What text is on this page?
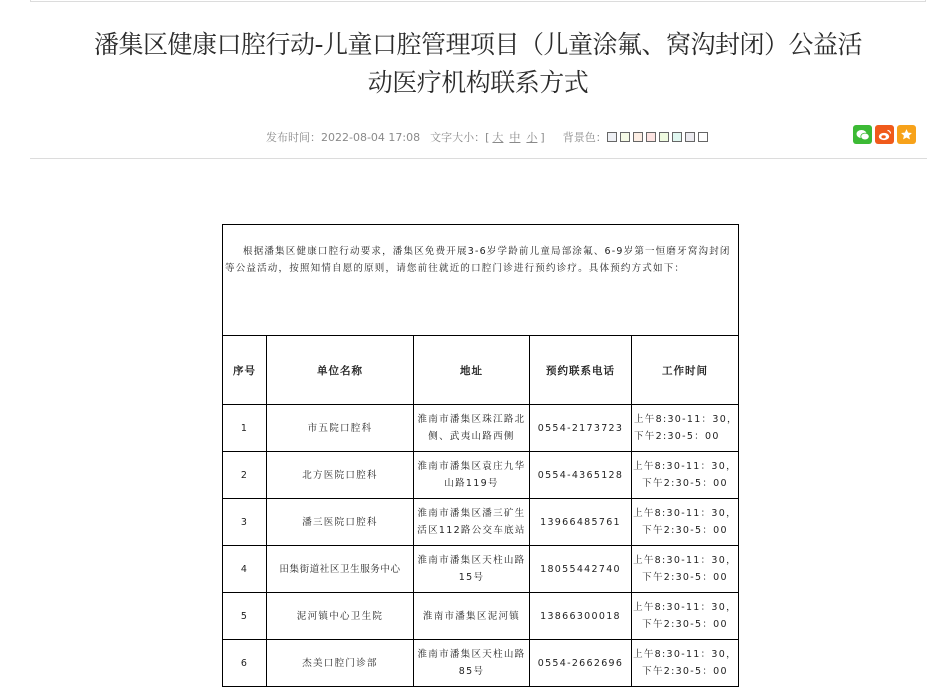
潘集区健康口腔行动-儿童口腔管理项目（儿童涂氟、窝沟封闭）公益活
动医疗机构联系方式
发布时间： 2022-08-04 17:08 文字大小：[ 大 中 小 ] 背景色：
根据潘集区健康口腔行动要求，潘集区免费开展3-6岁学龄前儿童局部涂氟、6-9岁第一恒磨牙窝沟封闭等公益活动，按照知情自愿的原则，请您前往就近的口腔门诊进行预约诊疗。具体预约方式如下：				
序号	单位名称	地址	预约联系电话	工作时间
1	市五院口腔科	淮南市潘集区珠江路北侧、武夷山路西侧	0554-2173723	上午8:30-11：30，
下午2:30-5：00
2	北方医院口腔科	淮南市潘集区袁庄九华山路119号	0554-4365128	上午8:30-11：30，
下午2:30-5：00
3	潘三医院口腔科	淮南市潘集区潘三矿生活区112路公交车底站	13966485761	上午8:30-11：30，
下午2:30-5：00
4	田集街道社区卫生服务中心	淮南市潘集区天柱山路15号	18055442740	上午8:30-11：30，
下午2:30-5：00
5	泥河镇中心卫生院	淮南市潘集区泥河镇	13866300018	上午8:30-11：30，
下午2:30-5：00
6	杰美口腔门诊部	淮南市潘集区天柱山路85号	0554-2662696	上午8:30-11：30，
下午2:30-5：00
